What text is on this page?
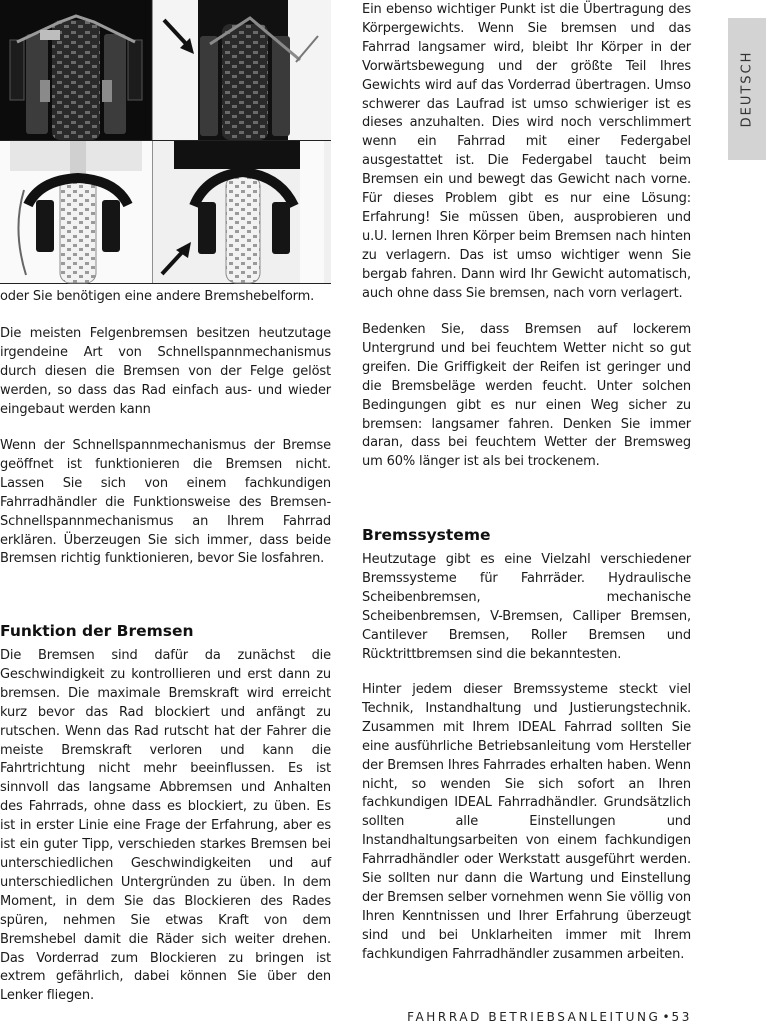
DEUTSCH

oder Sie benötigen eine andere Bremshebelform.

Die meisten Felgenbremsen besitzen heutzutage irgendeine Art von Schnellspannmechanismus durch diesen die Bremsen von der Felge gelöst werden, so dass das Rad einfach aus- und wieder eingebaut werden kann

Wenn der Schnellspannmechanismus der Bremse geöffnet ist funktionieren die Bremsen nicht. Lassen Sie sich von einem fachkundigen Fahrradhändler die Funktionsweise des Bremsen-Schnellspannmechanismus an Ihrem Fahrrad erklären. Überzeugen Sie sich immer, dass beide Bremsen richtig funktionieren, bevor Sie losfahren.

Funktion der Bremsen

Die Bremsen sind dafür da zunächst die Geschwindigkeit zu kontrollieren und erst dann zu bremsen. Die maximale Bremskraft wird erreicht kurz bevor das Rad blockiert und anfängt zu rutschen. Wenn das Rad rutscht hat der Fahrer die meiste Bremskraft verloren und kann die Fahrtrichtung nicht mehr beeinflussen. Es ist sinnvoll das langsame Abbremsen und Anhalten des Fahrrads, ohne dass es blockiert, zu üben. Es ist in erster Linie eine Frage der Erfahrung, aber es ist ein guter Tipp, verschieden starkes Bremsen bei unterschiedlichen Geschwindigkeiten und auf unterschiedlichen Untergründen zu üben. In dem Moment, in dem Sie das Blockieren des Rades spüren, nehmen Sie etwas Kraft von dem Bremshebel damit die Räder sich weiter drehen. Das Vorderrad zum Blockieren zu bringen ist extrem gefährlich, dabei können Sie über den Lenker fliegen.

Ein ebenso wichtiger Punkt ist die Übertragung des Körpergewichts. Wenn Sie bremsen und das Fahrrad langsamer wird, bleibt Ihr Körper in der Vorwärtsbewegung und der größte Teil Ihres Gewichts wird auf das Vorderrad übertragen. Umso schwerer das Laufrad ist umso schwieriger ist es dieses anzuhalten. Dies wird noch verschlimmert wenn ein Fahrrad mit einer Federgabel ausgestattet ist. Die Federgabel taucht beim Bremsen ein und bewegt das Gewicht nach vorne. Für dieses Problem gibt es nur eine Lösung: Erfahrung! Sie müssen üben, ausprobieren und u.U. lernen Ihren Körper beim Bremsen nach hinten zu verlagern. Das ist umso wichtiger wenn Sie bergab fahren. Dann wird Ihr Gewicht automatisch, auch ohne dass Sie bremsen, nach vorn verlagert.

Bedenken Sie, dass Bremsen auf lockerem Untergrund und bei feuchtem Wetter nicht so gut greifen. Die Griffigkeit der Reifen ist geringer und die Bremsbeläge werden feucht. Unter solchen Bedingungen gibt es nur einen Weg sicher zu bremsen: langsamer fahren. Denken Sie immer daran, dass bei feuchtem Wetter der Bremsweg um 60% länger ist als bei trockenem.

Bremssysteme

Heutzutage gibt es eine Vielzahl verschiedener Bremssysteme für Fahrräder. Hydraulische Scheibenbremsen, mechanische Scheibenbremsen, V-Bremsen, Calliper Bremsen, Cantilever Bremsen, Roller Bremsen und Rücktrittbremsen sind die bekanntesten.

Hinter jedem dieser Bremssysteme steckt viel Technik, Instandhaltung und Justierungstechnik. Zusammen mit Ihrem IDEAL Fahrrad sollten Sie eine ausführliche Betriebsanleitung vom Hersteller der Bremsen Ihres Fahrrades erhalten haben. Wenn nicht, so wenden Sie sich sofort an Ihren fachkundigen IDEAL Fahrradhändler. Grundsätzlich sollten alle Einstellungen und Instandhaltungsarbeiten von einem fachkundigen Fahrradhändler oder Werkstatt ausgeführt werden. Sie sollten nur dann die Wartung und Einstellung der Bremsen selber vornehmen wenn Sie völlig von Ihren Kenntnissen und Ihrer Erfahrung überzeugt sind und bei Unklarheiten immer mit Ihrem fachkundigen Fahrradhändler zusammen arbeiten.

FAHRRAD BETRIEBSANLEITUNG • 53
